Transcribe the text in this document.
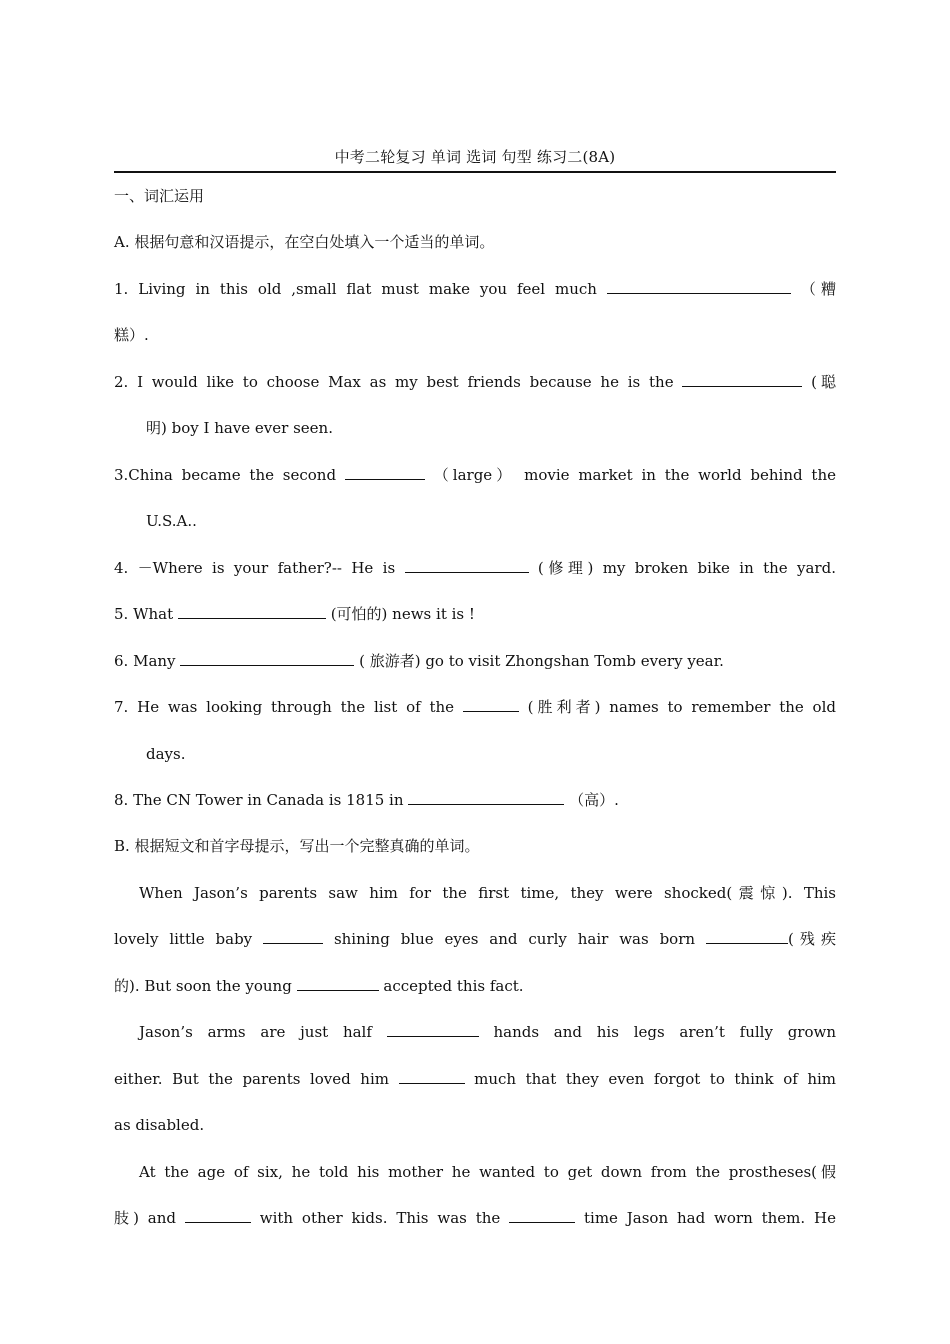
中考二轮复习 单词 选词 句型 练习二(8A)
一、词汇运用
A. 根据句意和汉语提示，在空白处填入一个适当的单词。
1. Living in this old ,small flat must make you feel much	（糟
糕）.
2. I would like to choose Max as my best friends because he is the	(聪
明) boy I have ever seen.
3.China became the second	（large） movie market in the world behind the
U.S.A..
4. －Where is your father?-- He is	(修理) my broken bike in the yard.
5. What	(可怕的) news it is !
6. Many	( 旅游者) go to visit Zhongshan Tomb every year.
7. He was looking through the list of the	(胜利者) names to remember the old
days.
8. The CN Tower in Canada is 1815 in	（高）.
B. 根据短文和首字母提示，写出一个完整真确的单词。
When Jason’s parents saw him for the first time, they were shocked(震惊). This
lovely little baby	shining blue eyes and curly hair was born	(残疾
的). But soon the young	accepted this fact.
Jason’s arms are just half	hands and his legs aren’t fully grown
either. But the parents loved him	much that they even forgot to think of him
as disabled.
At the age of six, he told his mother he wanted to get down from the prostheses(假
肢) and	with other kids. This was the	time Jason had worn them. He
